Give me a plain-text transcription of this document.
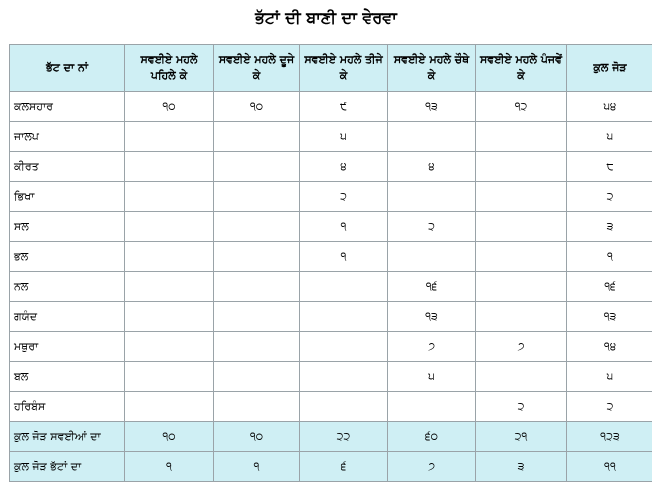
ਭੱਟਾਂ ਦੀ ਬਾਣੀ ਦਾ ਵੇਰਵਾ
ਭੱਟ ਦਾ ਨਾਂ	ਸਵਈਏ ਮਹਲੇ ਪਹਿਲੇ ਕੇ	ਸਵਈਏ ਮਹਲੇ ਦੂਜੇ ਕੇ	ਸਵਈਏ ਮਹਲੇ ਤੀਜੇ ਕੇ	ਸਵਈਏ ਮਹਲੇ ਚੌਥੇ ਕੇ	ਸਵਈਏ ਮਹਲੇ ਪੰਜਵੇਂ ਕੇ	ਕੁਲ ਜੋੜ
ਕਲਸਹਾਰ	੧੦	੧੦	੯	੧੩	੧੨	੫੪
ਜਾਲਪ			੫			੫
ਕੀਰਤ			੪	੪		੮
ਭਿਖਾ			੨			੨
ਸਲ			੧	੨		੩
ਭਲ			੧			੧
ਨਲ				੧੬		੧੬
ਗਯੰਦ				੧੩		੧੩
ਮਥੁਰਾ				੭	੭	੧੪
ਬਲ				੫		੫
ਹਰਿਬੰਸ					੨	੨
ਕੁਲ ਜੋੜ ਸਵਈਆਂ ਦਾ	੧੦	੧੦	੨੨	੬੦	੨੧	੧੨੩
ਕੁਲ ਜੋੜ ਭੱਟਾਂ ਦਾ	੧	੧	੬	੭	੩	੧੧
